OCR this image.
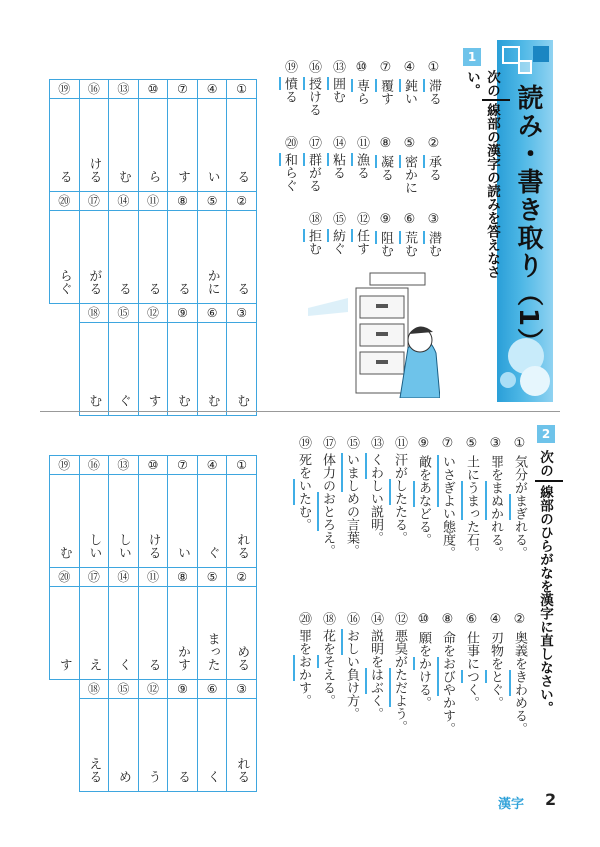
読み・書き取り（1）
1
次の線部の漢字の読みを答えなさい。
① 滞る
② 承る
③ 潜む
④ 鈍い
⑤ 密かに
⑥ 荒む
⑦ 覆す
⑧ 凝る
⑨ 阻む
⑩ 専ら
⑪ 漁る
⑫ 任す
⑬ 囲む
⑭ 粘る
⑮ 紡ぐ
⑯ 授ける
⑰ 群がる
⑱ 拒む
⑲ 憤る
⑳ 和らぐ
⑲	⑯	⑬	⑩	⑦	④	①
る	ける	む	ら	す	い	る
⑳	⑰	⑭	⑪	⑧	⑤	②
らぐ	がる	る	る	る	かに	る
	⑱	⑮	⑫	⑨	⑥	③
	む	ぐ	す	む	む	む
2
次の線部のひらがなを漢字に直しなさい。
① 気分がまぎれる。
② 奥義をきわめる。
③ 罪をまぬかれる。
④ 刃物をとぐ。
⑤ 土にうまった石。
⑥ 仕事につく。
⑦ いさぎよい態度。
⑧ 命をおびやかす。
⑨ 敵をあなどる。
⑩ 願をかける。
⑪ 汗がしたたる。
⑫ 悪臭がただよう。
⑬ くわしい説明。
⑭ 説明をはぶく。
⑮ いましめの言葉。
⑯ おしい負け方。
⑰ 体力のおとろえ。
⑱ 花をそえる。
⑲ 死をいたむ。
⑳ 罪をおかす。
⑲	⑯	⑬	⑩	⑦	④	①
む	しい	しい	ける	い	ぐ	れる
⑳	⑰	⑭	⑪	⑧	⑤	②
す	え	く	る	かす	まった	める
	⑱	⑮	⑫	⑨	⑥	③
	える	め	う	る	く	れる
漢字 2
